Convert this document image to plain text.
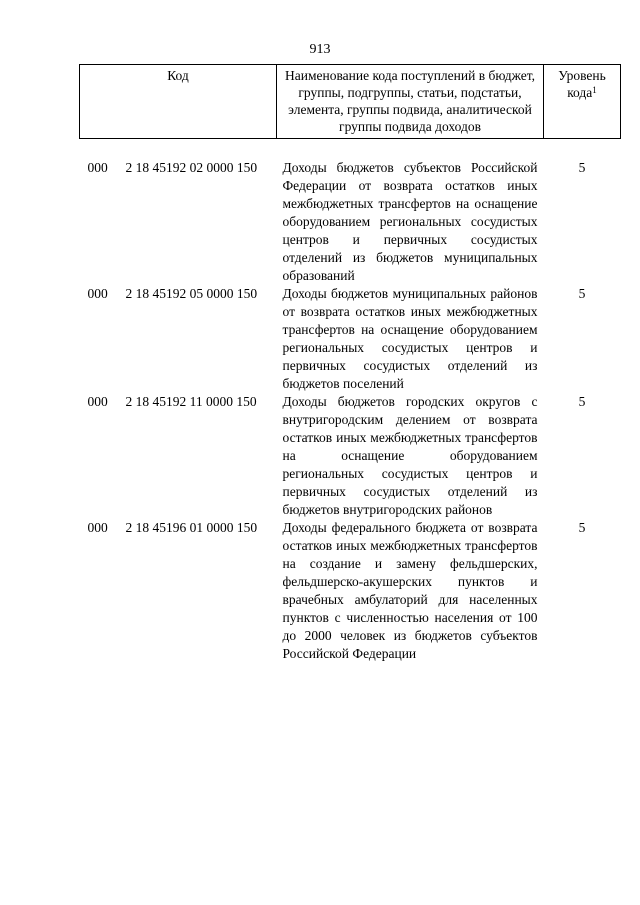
913
Код	Наименование кода поступлений в бюджет, группы, подгруппы, статьи, подстатьи, элемента, группы подвида, аналитической группы подвида доходов	Уровень кода$^1$

000 2 18 45192 02 0000 150	Доходы бюджетов субъектов Российской Федерации от возврата остатков иных межбюджетных трансфертов на оснащение оборудованием региональных сосудистых центров и первичных сосудистых отделений из бюджетов муниципальных образований	5
000 2 18 45192 05 0000 150	Доходы бюджетов муниципальных районов от возврата остатков иных межбюджетных трансфертов на оснащение оборудованием региональных сосудистых центров и первичных сосудистых отделений из бюджетов поселений	5
000 2 18 45192 11 0000 150	Доходы бюджетов городских округов с внутригородским делением от возврата остатков иных межбюджетных трансфертов на оснащение оборудованием региональных сосудистых центров и первичных сосудистых отделений из бюджетов внутригородских районов	5
000 2 18 45196 01 0000 150	Доходы федерального бюджета от возврата остатков иных межбюджетных трансфертов на создание и замену фельдшерских, фельдшерско-акушерских пунктов и врачебных амбулаторий для населенных пунктов с численностью населения от 100 до 2000 человек из бюджетов субъектов Российской Федерации	5
